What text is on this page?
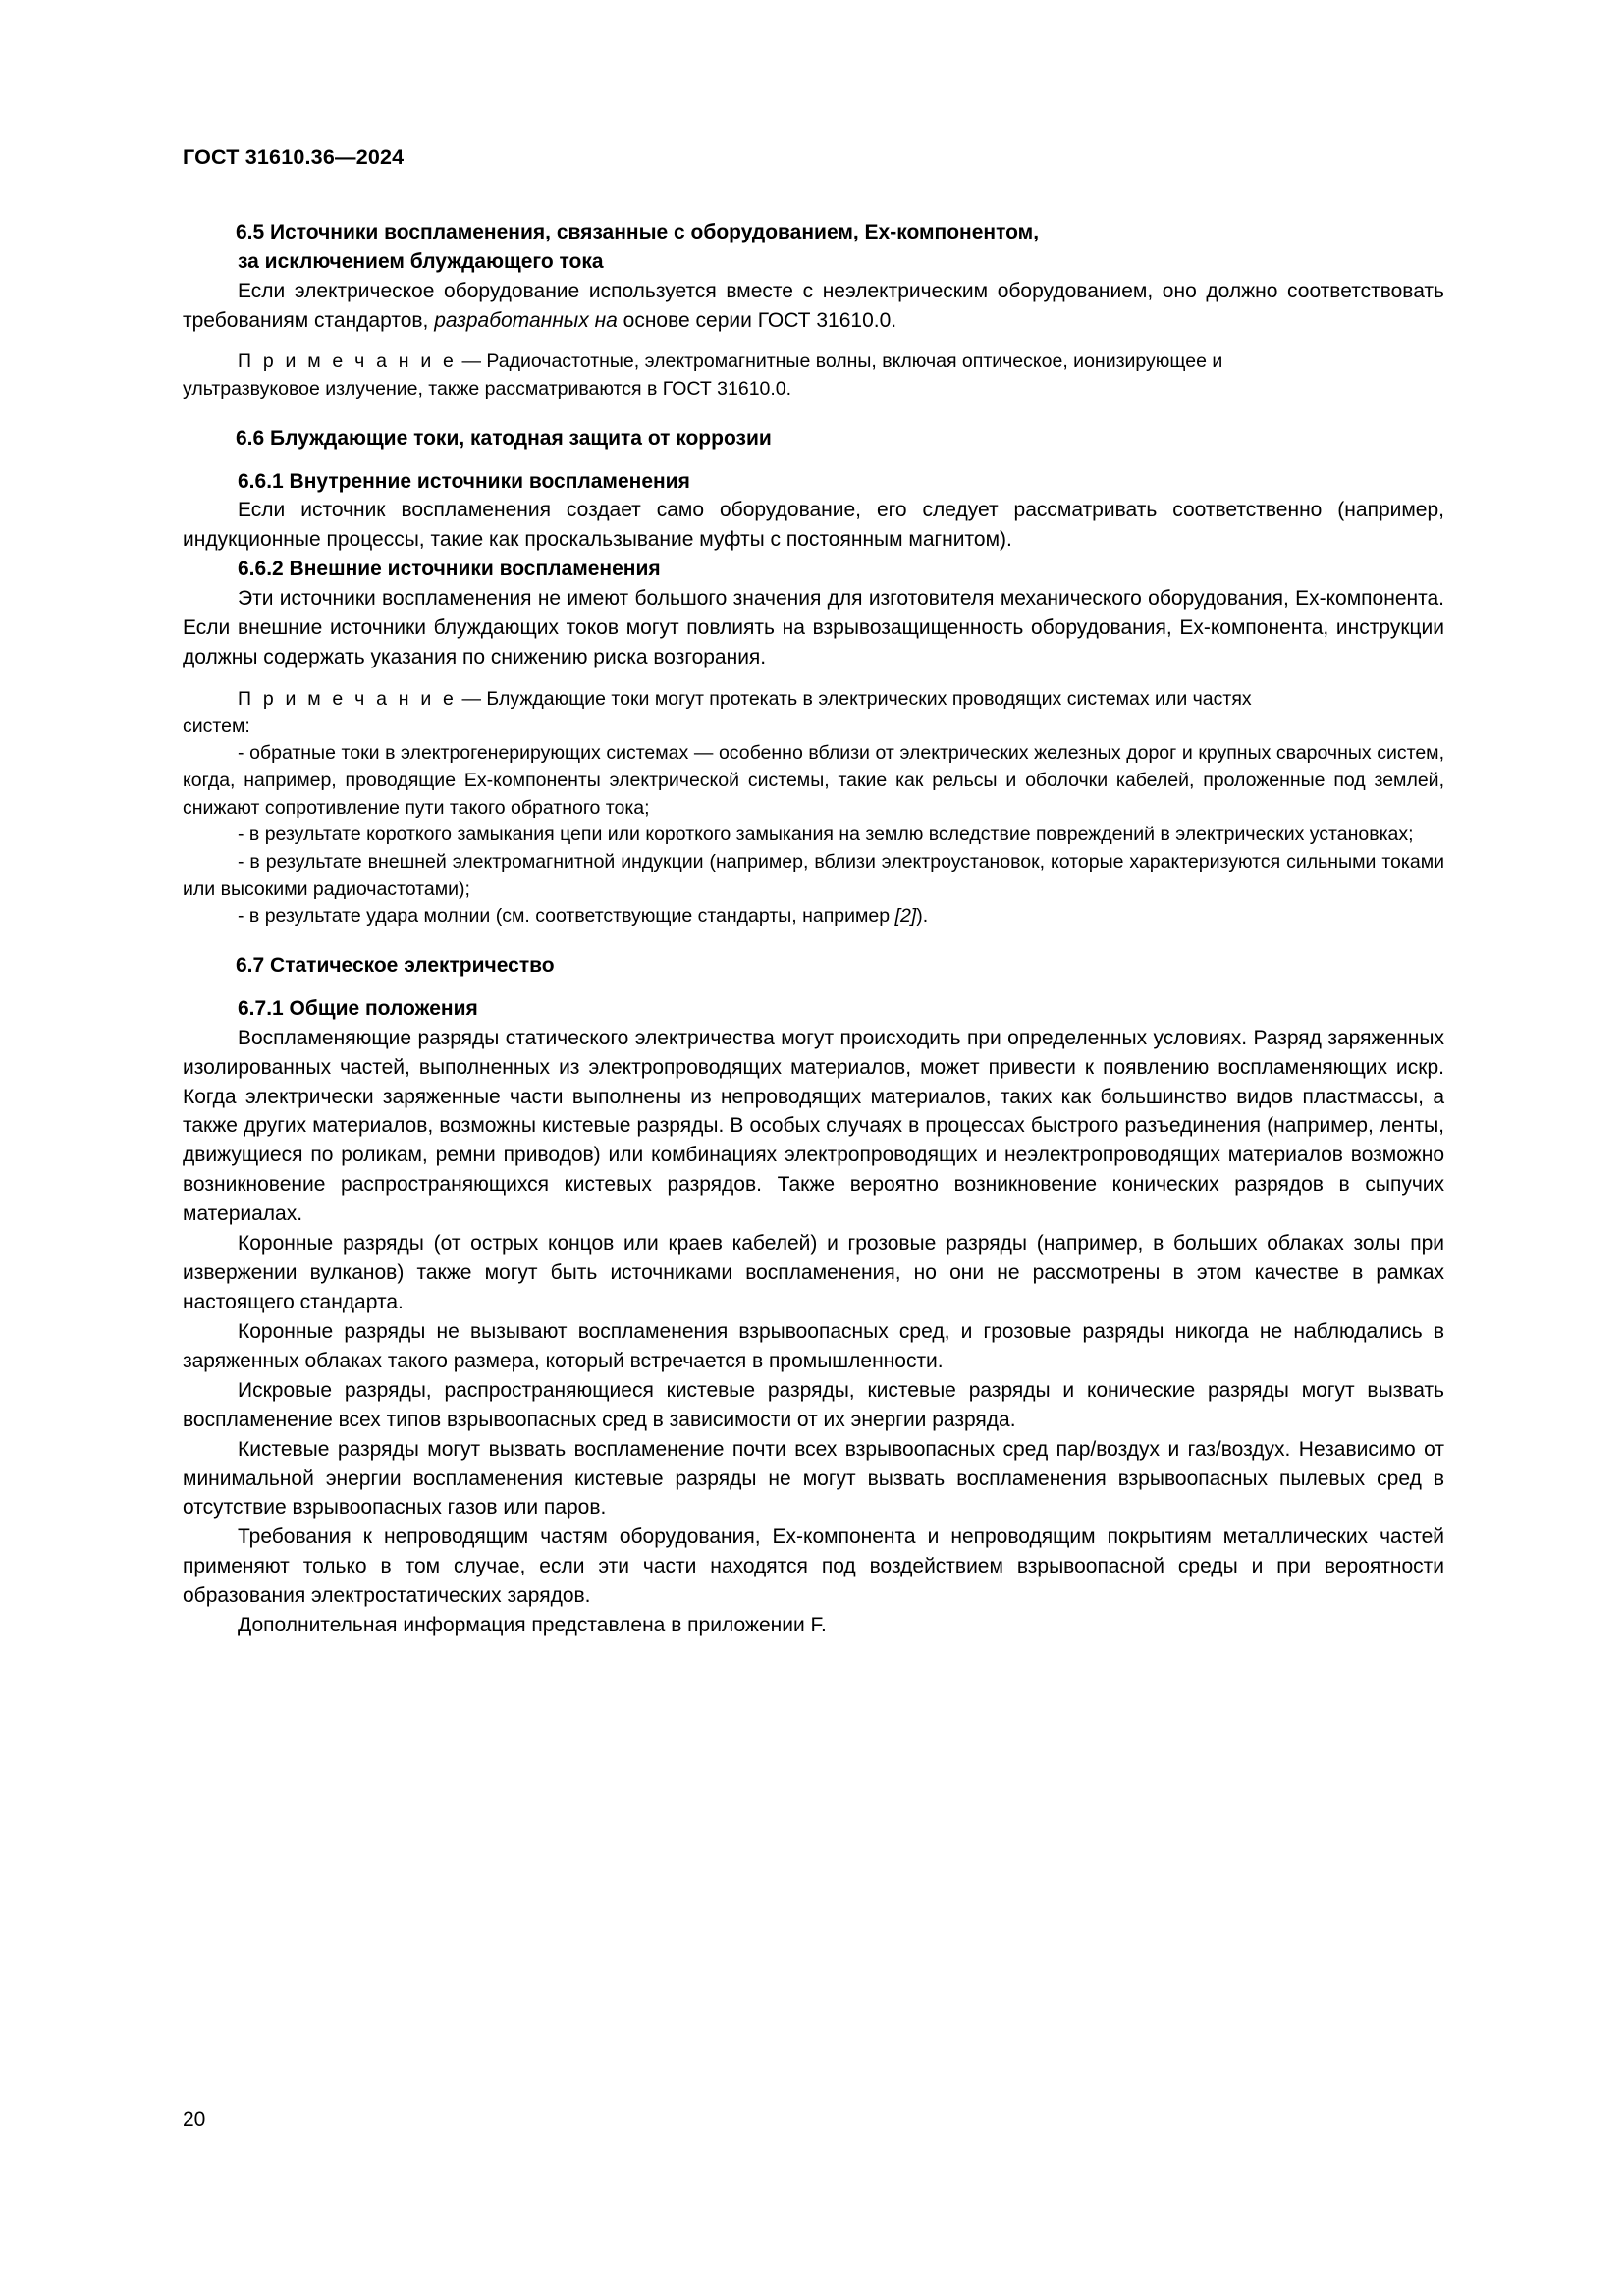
ГОСТ 31610.36—2024
6.5 Источники воспламенения, связанные с оборудованием, Ex-компонентом,
за исключением блуждающего тока

Если электрическое оборудование используется вместе с неэлектрическим оборудованием, оно должно соответствовать требованиям стандартов, разработанных на основе серии ГОСТ 31610.0.

П р и м е ч а н и е — Радиочастотные, электромагнитные волны, включая оптическое, ионизирующее и

ультразвуковое излучение, также рассматриваются в ГОСТ 31610.0.

6.6 Блуждающие токи, катодная защита от коррозии
6.6.1 Внутренние источники воспламенения

Если источник воспламенения создает само оборудование, его следует рассматривать соответственно (например, индукционные процессы, такие как проскальзывание муфты с постоянным магнитом).

6.6.2 Внешние источники воспламенения

Эти источники воспламенения не имеют большого значения для изготовителя механического оборудования, Ex-компонента. Если внешние источники блуждающих токов могут повлиять на взрывозащищенность оборудования, Ex-компонента, инструкции должны содержать указания по снижению риска возгорания.

П р и м е ч а н и е — Блуждающие токи могут протекать в электрических проводящих системах или частях

систем:

- обратные токи в электрогенерирующих системах — особенно вблизи от электрических железных дорог и крупных сварочных систем, когда, например, проводящие Ex-компоненты электрической системы, такие как рельсы и оболочки кабелей, проложенные под землей, снижают сопротивление пути такого обратного тока;

- в результате короткого замыкания цепи или короткого замыкания на землю вследствие повреждений в электрических установках;

- в результате внешней электромагнитной индукции (например, вблизи электроустановок, которые характеризуются сильными токами или высокими радиочастотами);

- в результате удара молнии (см. соответствующие стандарты, например [2]).

6.7 Статическое электричество
6.7.1 Общие положения

Воспламеняющие разряды статического электричества могут происходить при определенных условиях. Разряд заряженных изолированных частей, выполненных из электропроводящих материалов, может привести к появлению воспламеняющих искр. Когда электрически заряженные части выполнены из непроводящих материалов, таких как большинство видов пластмассы, а также других материалов, возможны кистевые разряды. В особых случаях в процессах быстрого разъединения (например, ленты, движущиеся по роликам, ремни приводов) или комбинациях электропроводящих и неэлектропроводящих материалов возможно возникновение распространяющихся кистевых разрядов. Также вероятно возникновение конических разрядов в сыпучих материалах.

Коронные разряды (от острых концов или краев кабелей) и грозовые разряды (например, в больших облаках золы при извержении вулканов) также могут быть источниками воспламенения, но они не рассмотрены в этом качестве в рамках настоящего стандарта.

Коронные разряды не вызывают воспламенения взрывоопасных сред, и грозовые разряды никогда не наблюдались в заряженных облаках такого размера, который встречается в промышленности.

Искровые разряды, распространяющиеся кистевые разряды, кистевые разряды и конические разряды могут вызвать воспламенение всех типов взрывоопасных сред в зависимости от их энергии разряда.

Кистевые разряды могут вызвать воспламенение почти всех взрывоопасных сред пар/воздух и газ/воздух. Независимо от минимальной энергии воспламенения кистевые разряды не могут вызвать воспламенения взрывоопасных пылевых сред в отсутствие взрывоопасных газов или паров.

Требования к непроводящим частям оборудования, Ex-компонента и непроводящим покрытиям металлических частей применяют только в том случае, если эти части находятся под воздействием взрывоопасной среды и при вероятности образования электростатических зарядов.

Дополнительная информация представлена в приложении F.

20
